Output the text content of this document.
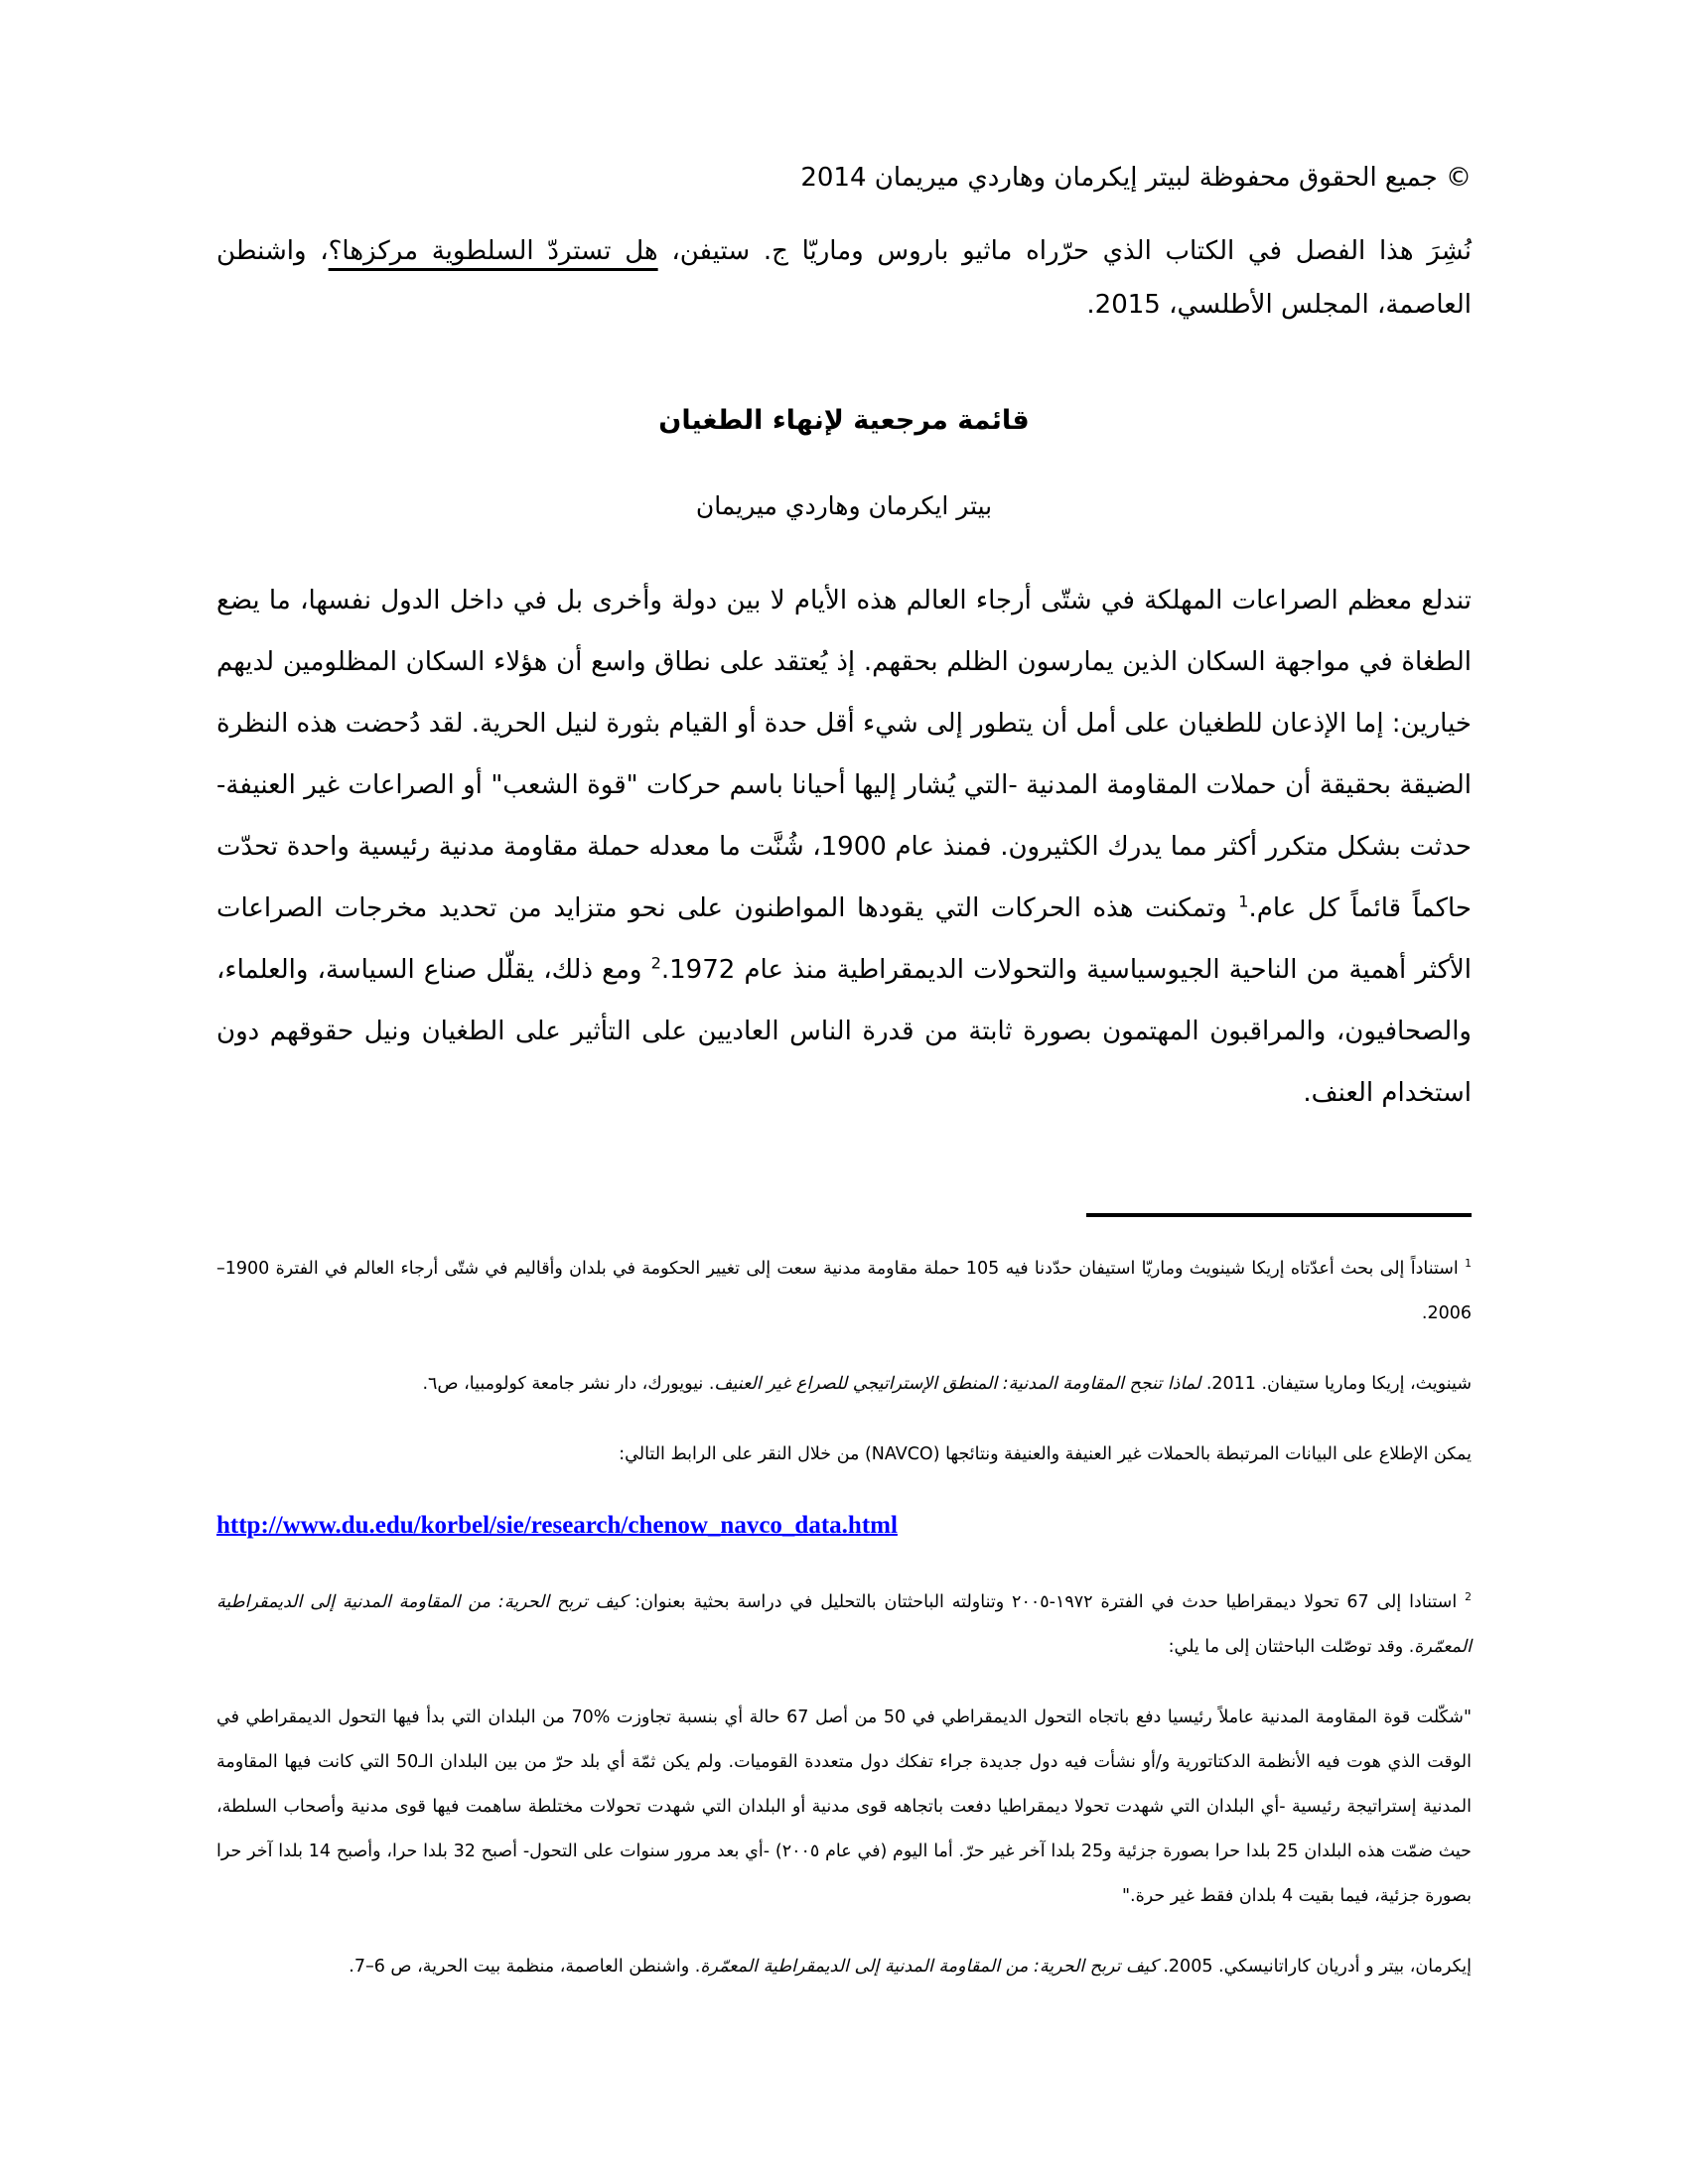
© جميع الحقوق محفوظة لبيتر إيكرمان وهاردي ميريمان 2014
نُشِرَ هذا الفصل في الكتاب الذي حرّراه ماثيو باروس وماريّا ج. ستيفن، هل تستردّ السلطوية مركزها؟، واشنطن العاصمة، المجلس الأطلسي، 2015.
قائمة مرجعية لإنهاء الطغيان
بيتر ايكرمان وهاردي ميريمان
تندلع معظم الصراعات المهلكة في شتّى أرجاء العالم هذه الأيام لا بين دولة وأخرى بل في داخل الدول نفسها، ما يضع الطغاة في مواجهة السكان الذين يمارسون الظلم بحقهم. إذ يُعتقد على نطاق واسع أن هؤلاء السكان المظلومين لديهم خيارين: إما الإذعان للطغيان على أمل أن يتطور إلى شيء أقل حدة أو القيام بثورة لنيل الحرية. لقد دُحضت هذه النظرة الضيقة بحقيقة أن حملات المقاومة المدنية -التي يُشار إليها أحيانا باسم حركات "قوة الشعب" أو الصراعات غير العنيفة- حدثت بشكل متكرر أكثر مما يدرك الكثيرون. فمنذ عام 1900، شُنَّت ما معدله حملة مقاومة مدنية رئيسية واحدة تحدّت حاكماً قائماً كل عام.$^1$ وتمكنت هذه الحركات التي يقودها المواطنون على نحو متزايد من تحديد مخرجات الصراعات الأكثر أهمية من الناحية الجيوسياسية والتحولات الديمقراطية منذ عام 1972.‏$^2$ ومع ذلك، يقلّل صناع السياسة، والعلماء، والصحافيون، والمراقبون المهتمون بصورة ثابتة من قدرة الناس العاديين على التأثير على الطغيان ونيل حقوقهم دون استخدام العنف.
$^1$ استناداً إلى بحث أعدّتاه إريكا شينويث وماريّا استيفان حدّدنا فيه 105 حملة مقاومة مدنية سعت إلى تغيير الحكومة في بلدان وأقاليم في شتّى أرجاء العالم في الفترة 1900–2006.
شينويث، إريكا وماريا ستيفان. 2011. لماذا تنجح المقاومة المدنية: المنطق الإستراتيجي للصراع غير العنيف. نيويورك، دار نشر جامعة كولومبيا، ص٦.
يمكن الإطلاع على البيانات المرتبطة بالحملات غير العنيفة والعنيفة ونتائجها (NAVCO) من خلال النقر على الرابط التالي:
http://www.du.edu/korbel/sie/research/chenow_navco_data.html
$^2$ استنادا إلى 67 تحولا ديمقراطيا حدث في الفترة ١٩٧٢-٢٠٠٥ وتناولته الباحثتان بالتحليل في دراسة بحثية بعنوان: كيف تربح الحرية: من المقاومة المدنية إلى الديمقراطية المعمّرة. وقد توصّلت الباحثتان إلى ما يلي:
"شكّلت قوة المقاومة المدنية عاملاً رئيسيا دفع باتجاه التحول الديمقراطي في 50 من أصل 67 حالة أي بنسبة تجاوزت %70 من البلدان التي بدأ فيها التحول الديمقراطي في الوقت الذي هوت فيه الأنظمة الدكتاتورية و/أو نشأت فيه دول جديدة جراء تفكك دول متعددة القوميات. ولم يكن ثمّة أي بلد حرّ من بين البلدان الـ50 التي كانت فيها المقاومة المدنية إستراتيجة رئيسية -أي البلدان التي شهدت تحولا ديمقراطيا دفعت باتجاهه قوى مدنية أو البلدان التي شهدت تحولات مختلطة ساهمت فيها قوى مدنية وأصحاب السلطة، حيث ضمّت هذه البلدان 25 بلدا حرا بصورة جزئية و25 بلدا آخر غير حرّ. أما اليوم (في عام ٢٠٠٥) -أي بعد مرور سنوات على التحول- أصبح 32 بلدا حرا، وأصبح 14 بلدا آخر حرا بصورة جزئية، فيما بقيت 4 بلدان فقط غير حرة."
إيكرمان، بيتر و أدريان كاراتانيسكي. 2005. كيف تربح الحرية: من المقاومة المدنية إلى الديمقراطية المعمّرة. واشنطن العاصمة، منظمة بيت الحرية، ص 6–7.
